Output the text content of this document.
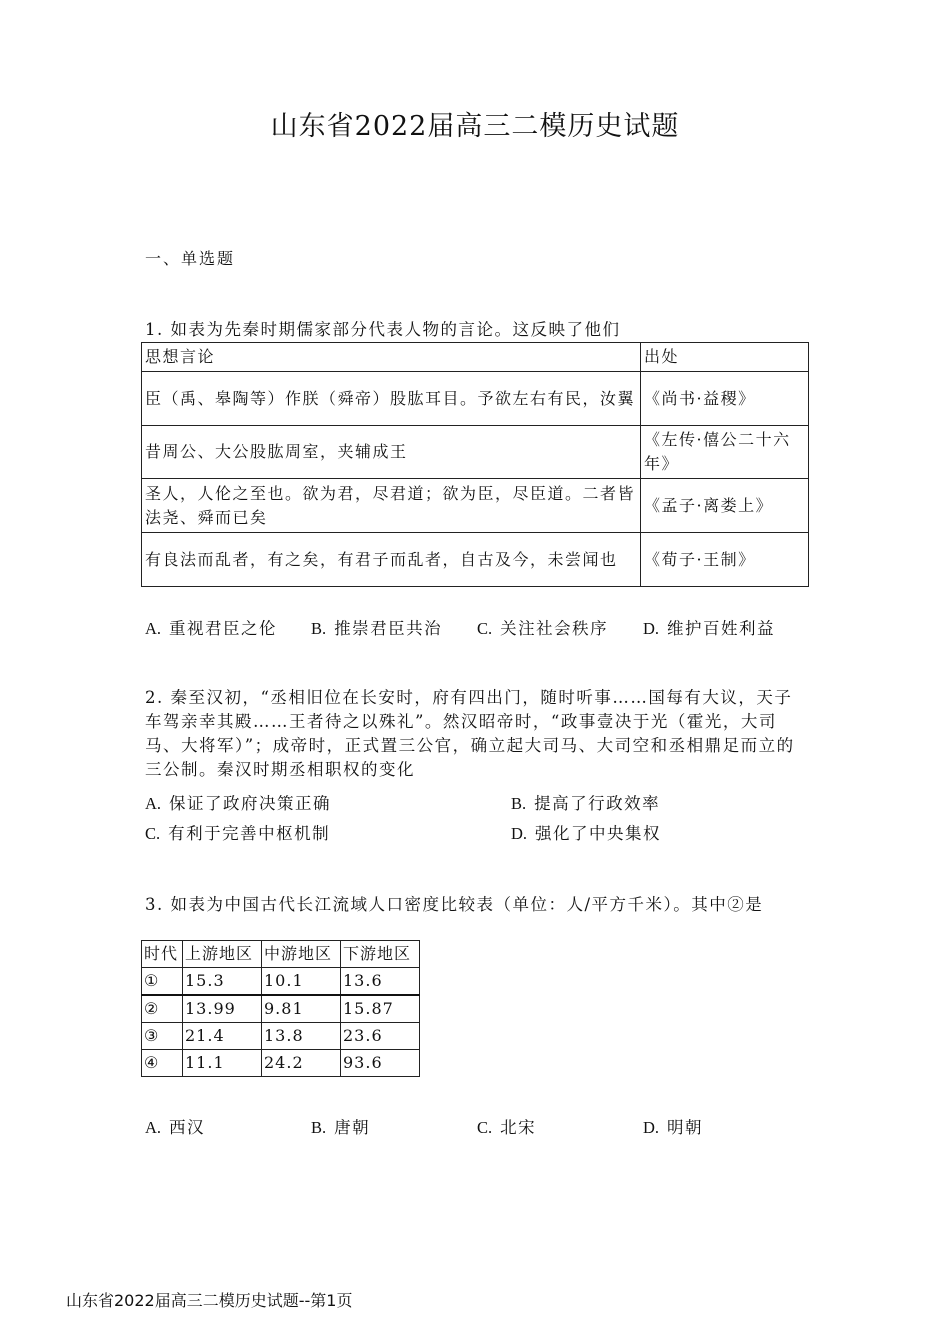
山东省2022届高三二模历史试题
一、单选题
1. 如表为先秦时期儒家部分代表人物的言论。这反映了他们
思想言论	出处
臣（禹、皋陶等）作朕（舜帝）股肱耳目。予欲左右有民，汝翼	《尚书·益稷》
昔周公、大公股肱周室，夹辅成王	《左传·僖公二十六年》
圣人，人伦之至也。欲为君，尽君道；欲为臣，尽臣道。二者皆法尧、舜而已矣	《孟子·离娄上》
有良法而乱者，有之矣，有君子而乱者，自古及今，未尝闻也	《荀子·王制》
A. 重视君臣之伦 B. 推崇君臣共治 C. 关注社会秩序 D. 维护百姓利益
2. 秦至汉初，“丞相旧位在长安时，府有四出门，随时听事……国每有大议，天子车驾亲幸其殿……王者待之以殊礼”。然汉昭帝时，“政事壹决于光（霍光，大司马、大将军）”；成帝时，正式置三公官，确立起大司马、大司空和丞相鼎足而立的三公制。秦汉时期丞相职权的变化
A. 保证了政府决策正确	B. 提高了行政效率
C. 有利于完善中枢机制	D. 强化了中央集权
3. 如表为中国古代长江流域人口密度比较表（单位：人/平方千米）。其中②是
时代	上游地区	中游地区	下游地区
①	15.3	10.1	13.6
②	13.99	9.81	15.87
③	21.4	13.8	23.6
④	11.1	24.2	93.6
A. 西汉	B. 唐朝	C. 北宋	D. 明朝
山东省2022届高三二模历史试题--第1页
